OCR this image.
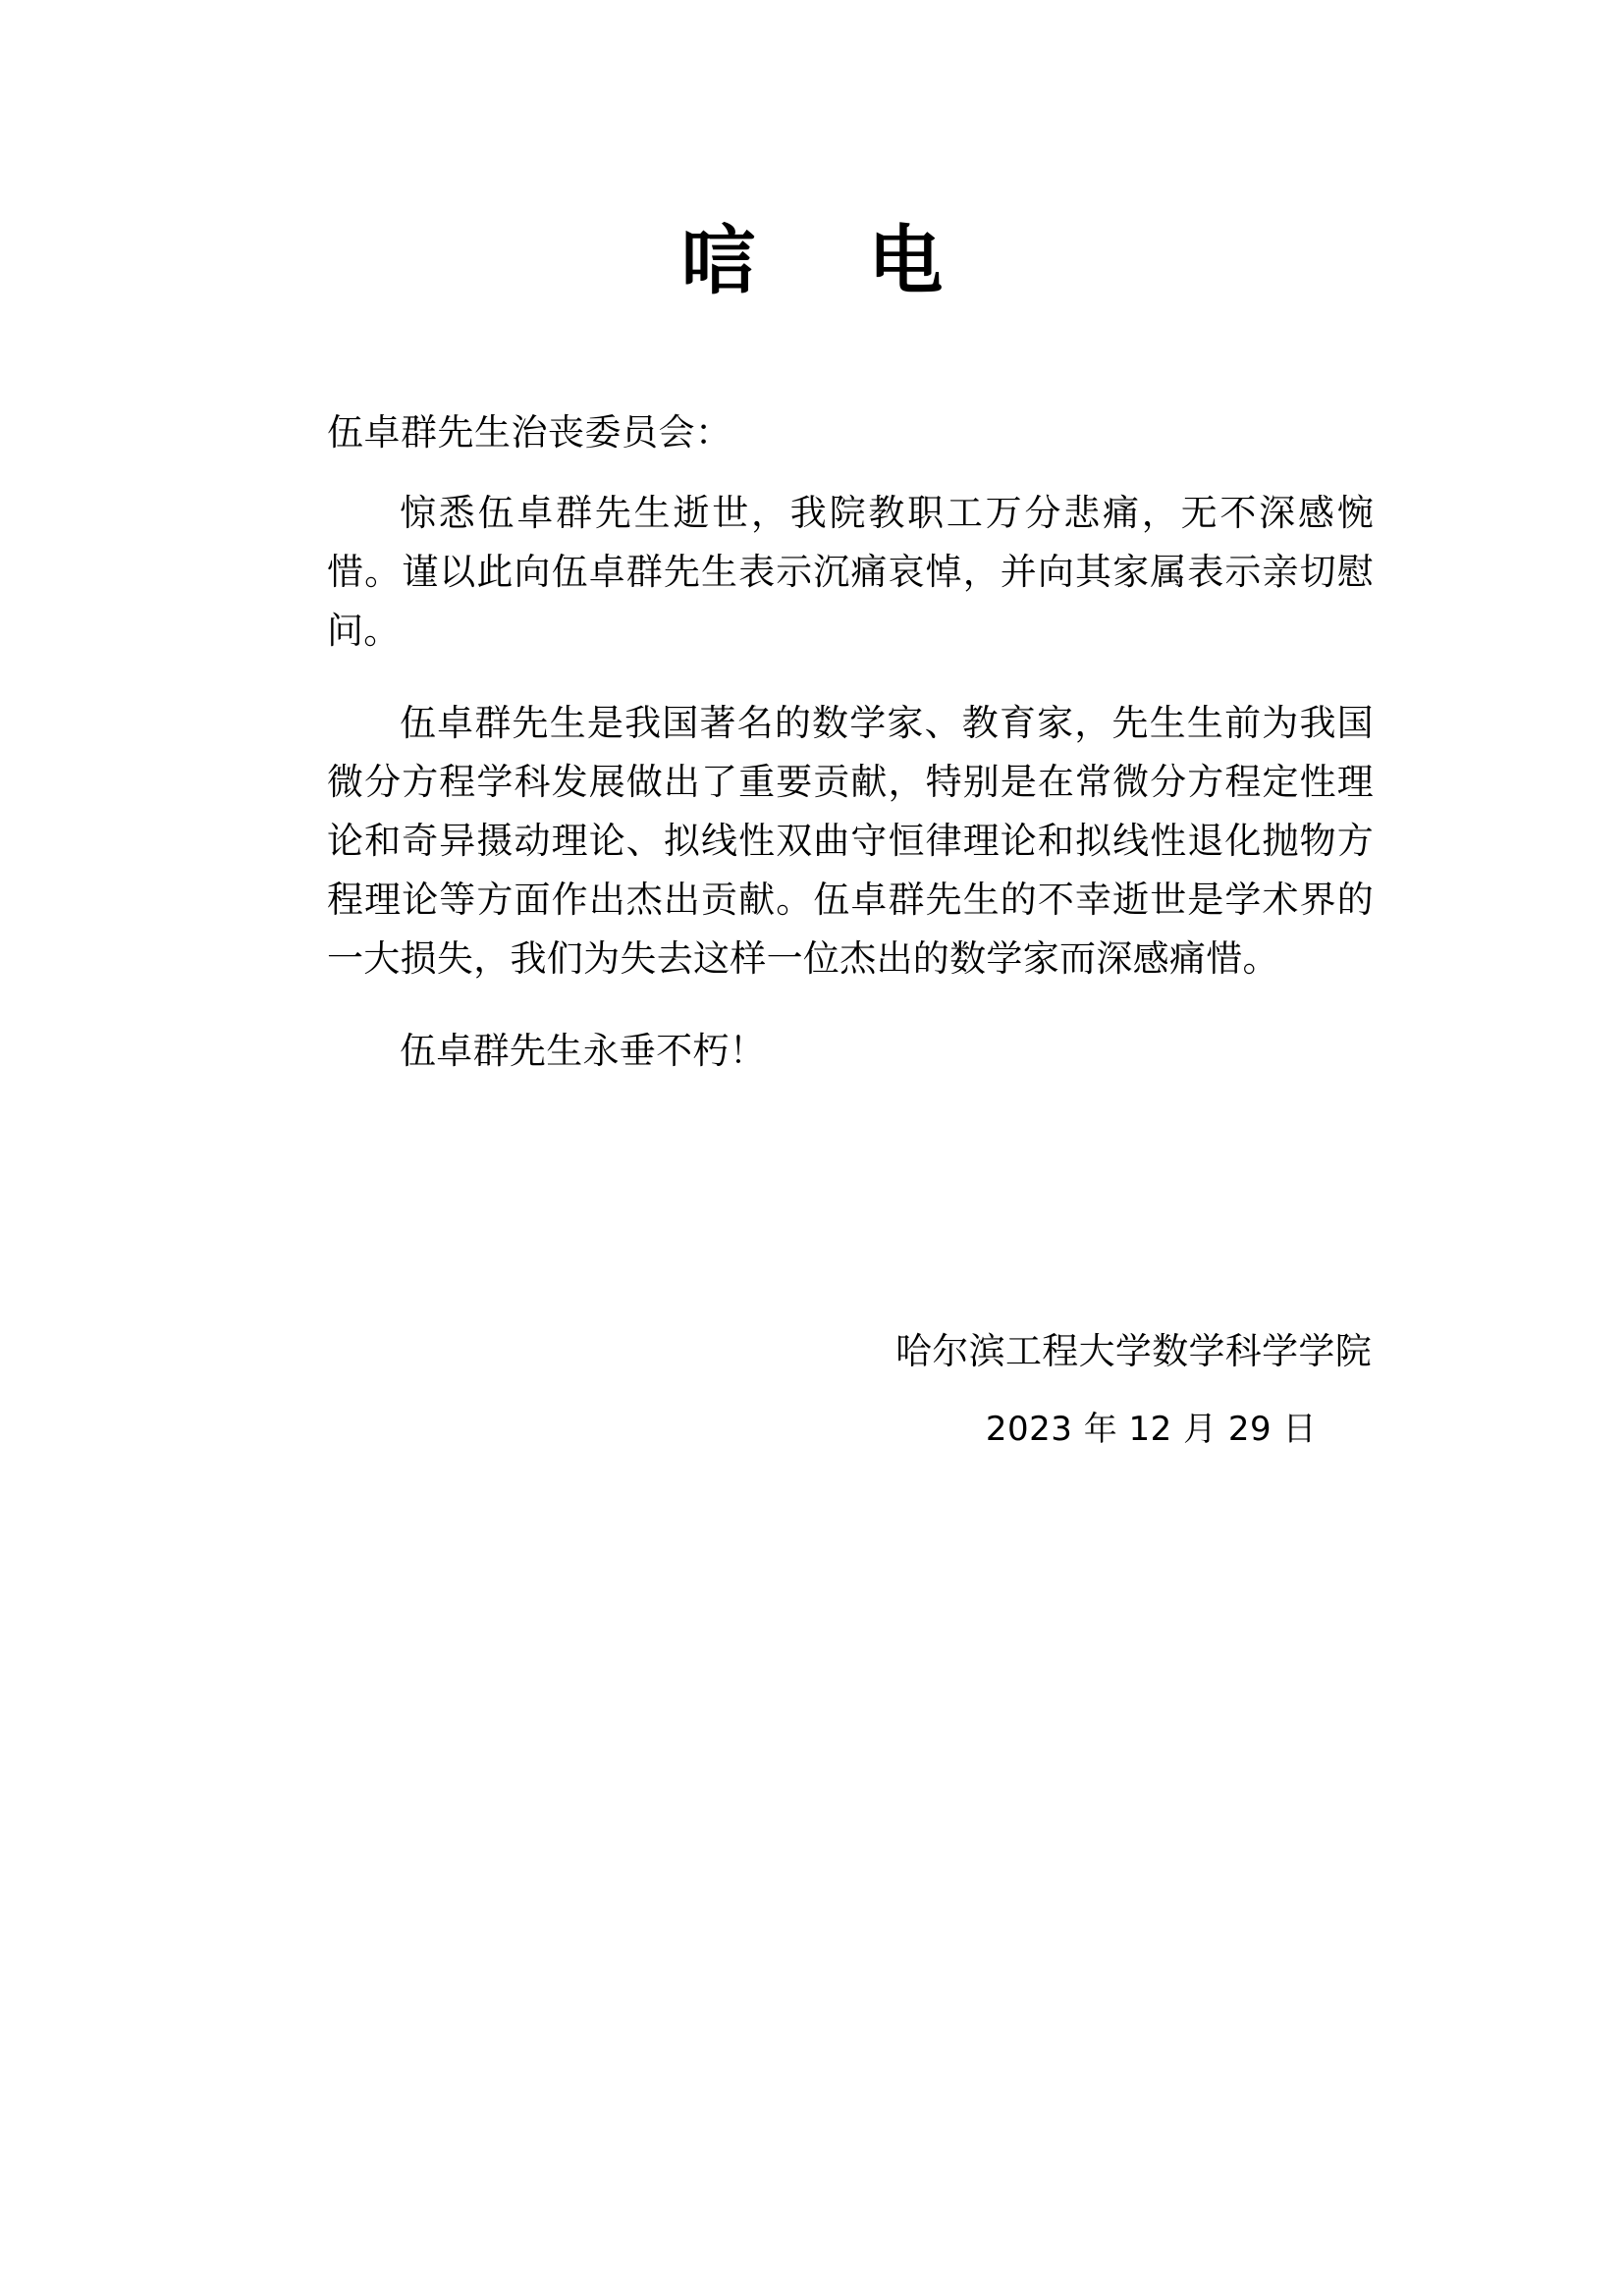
唁 电
伍卓群先生治丧委员会：

惊悉伍卓群先生逝世，我院教职工万分悲痛，无不深感惋惜。谨以此向伍卓群先生表示沉痛哀悼，并向其家属表示亲切慰问。

伍卓群先生是我国著名的数学家、教育家，先生生前为我国微分方程学科发展做出了重要贡献，特别是在常微分方程定性理论和奇异摄动理论、拟线性双曲守恒律理论和拟线性退化抛物方程理论等方面作出杰出贡献。伍卓群先生的不幸逝世是学术界的一大损失，我们为失去这样一位杰出的数学家而深感痛惜。

伍卓群先生永垂不朽！

哈尔滨工程大学数学科学学院
2023 年 12 月 29 日
